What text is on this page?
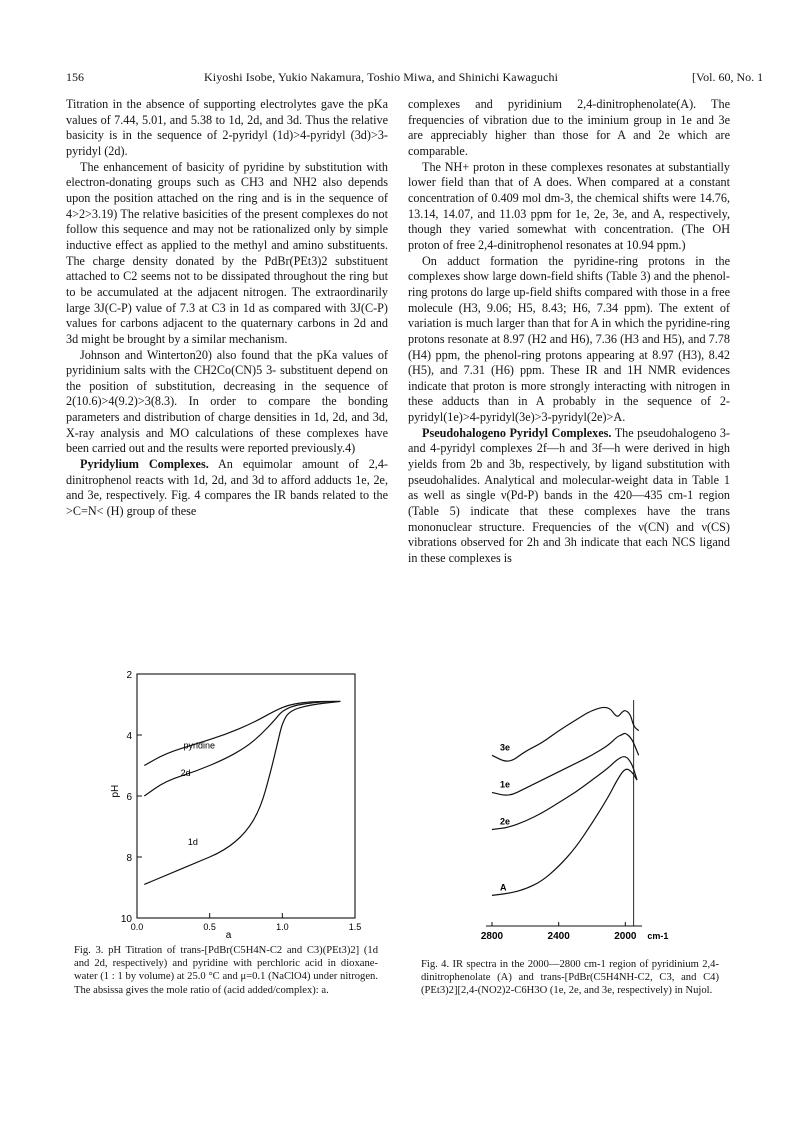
156	Kiyoshi Isobe, Yukio Nakamura, Toshio Miwa, and Shinichi Kawaguchi	[Vol. 60, No. 1

Titration in the absence of supporting electrolytes gave the pKa values of 7.44, 5.01, and 5.38 to 1d, 2d, and 3d. Thus the relative basicity is in the sequence of 2-pyridyl (1d)>4-pyridyl (3d)>3-pyridyl (2d).

The enhancement of basicity of pyridine by substitution with electron-donating groups such as CH3 and NH2 also depends upon the position attached on the ring and is in the sequence of 4>2>3.19) The relative basicities of the present complexes do not follow this sequence and may not be rationalized only by simple inductive effect as applied to the methyl and amino substituents. The charge density donated by the PdBr(PEt3)2 substituent attached to C2 seems not to be dissipated throughout the ring but to be accumulated at the adjacent nitrogen. The extraordinarily large 3J(C-P) value of 7.3 at C3 in 1d as compared with 3J(C-P) values for carbons adjacent to the quaternary carbons in 2d and 3d might be brought by a similar mechanism.

Johnson and Winterton20) also found that the pKa values of pyridinium salts with the CH2Co(CN)5 3- substituent depend on the position of substitution, decreasing in the sequence of 2(10.6)>4(9.2)>3(8.3). In order to compare the bonding parameters and distribution of charge densities in 1d, 2d, and 3d, X-ray analysis and MO calculations of these complexes have been carried out and the results were reported previously.4)

Pyridylium Complexes. An equimolar amount of 2,4-dinitrophenol reacts with 1d, 2d, and 3d to afford adducts 1e, 2e, and 3e, respectively. Fig. 4 compares the IR bands related to the >C=N< (H) group of these

complexes and pyridinium 2,4-dinitrophenolate(A). The frequencies of vibration due to the iminium group in 1e and 3e are appreciably higher than those for A and 2e which are comparable.

The NH+ proton in these complexes resonates at substantially lower field than that of A does. When compared at a constant concentration of 0.409 mol dm-3, the chemical shifts were 14.76, 13.14, 14.07, and 11.03 ppm for 1e, 2e, 3e, and A, respectively, though they varied somewhat with concentration. (The OH proton of free 2,4-dinitrophenol resonates at 10.94 ppm.)

On adduct formation the pyridine-ring protons in the complexes show large down-field shifts (Table 3) and the phenol-ring protons do large up-field shifts compared with those in a free molecule (H3, 9.06; H5, 8.43; H6, 7.34 ppm). The extent of variation is much larger than that for A in which the pyridine-ring protons resonate at 8.97 (H2 and H6), 7.36 (H3 and H5), and 7.78 (H4) ppm, the phenol-ring protons appearing at 8.97 (H3), 8.42 (H5), and 7.31 (H6) ppm. These IR and 1H NMR evidences indicate that proton is more strongly interacting with nitrogen in these adducts than in A probably in the sequence of 2-pyridyl(1e)>4-pyridyl(3e)>3-pyridyl(2e)>A.

Pseudohalogeno Pyridyl Complexes. The pseudohalogeno 3- and 4-pyridyl complexes 2f—h and 3f—h were derived in high yields from 2b and 3b, respectively, by ligand substitution with pseudohalides. Analytical and molecular-weight data in Table 1 as well as single ν(Pd-P) bands in the 420—435 cm-1 region (Table 5) indicate that these complexes have the trans mononuclear structure. Frequencies of the ν(CN) and ν(CS) vibrations observed for 2h and 3h indicate that each NCS ligand in these complexes is

2
4
6
8
10
0.0	0.5	1.0	1.5
pH
a
pyridine
2d
1d

Fig. 3. pH Titration of trans-[PdBr(C5H4N-C2 and C3)(PEt3)2] (1d and 2d, respectively) and pyridine with perchloric acid in dioxane-water (1 : 1 by volume) at 25.0 °C and μ=0.1 (NaClO4) under nitrogen. The absissa gives the mole ratio of (acid added/complex): a.

2800	2400	2000 cm-1
3e
1e
2e
A

Fig. 4. IR spectra in the 2000—2800 cm-1 region of pyridinium 2,4-dinitrophenolate (A) and trans-[PdBr(C5H4NH-C2, C3, and C4)(PEt3)2][2,4-(NO2)2-C6H3O (1e, 2e, and 3e, respectively) in Nujol.
